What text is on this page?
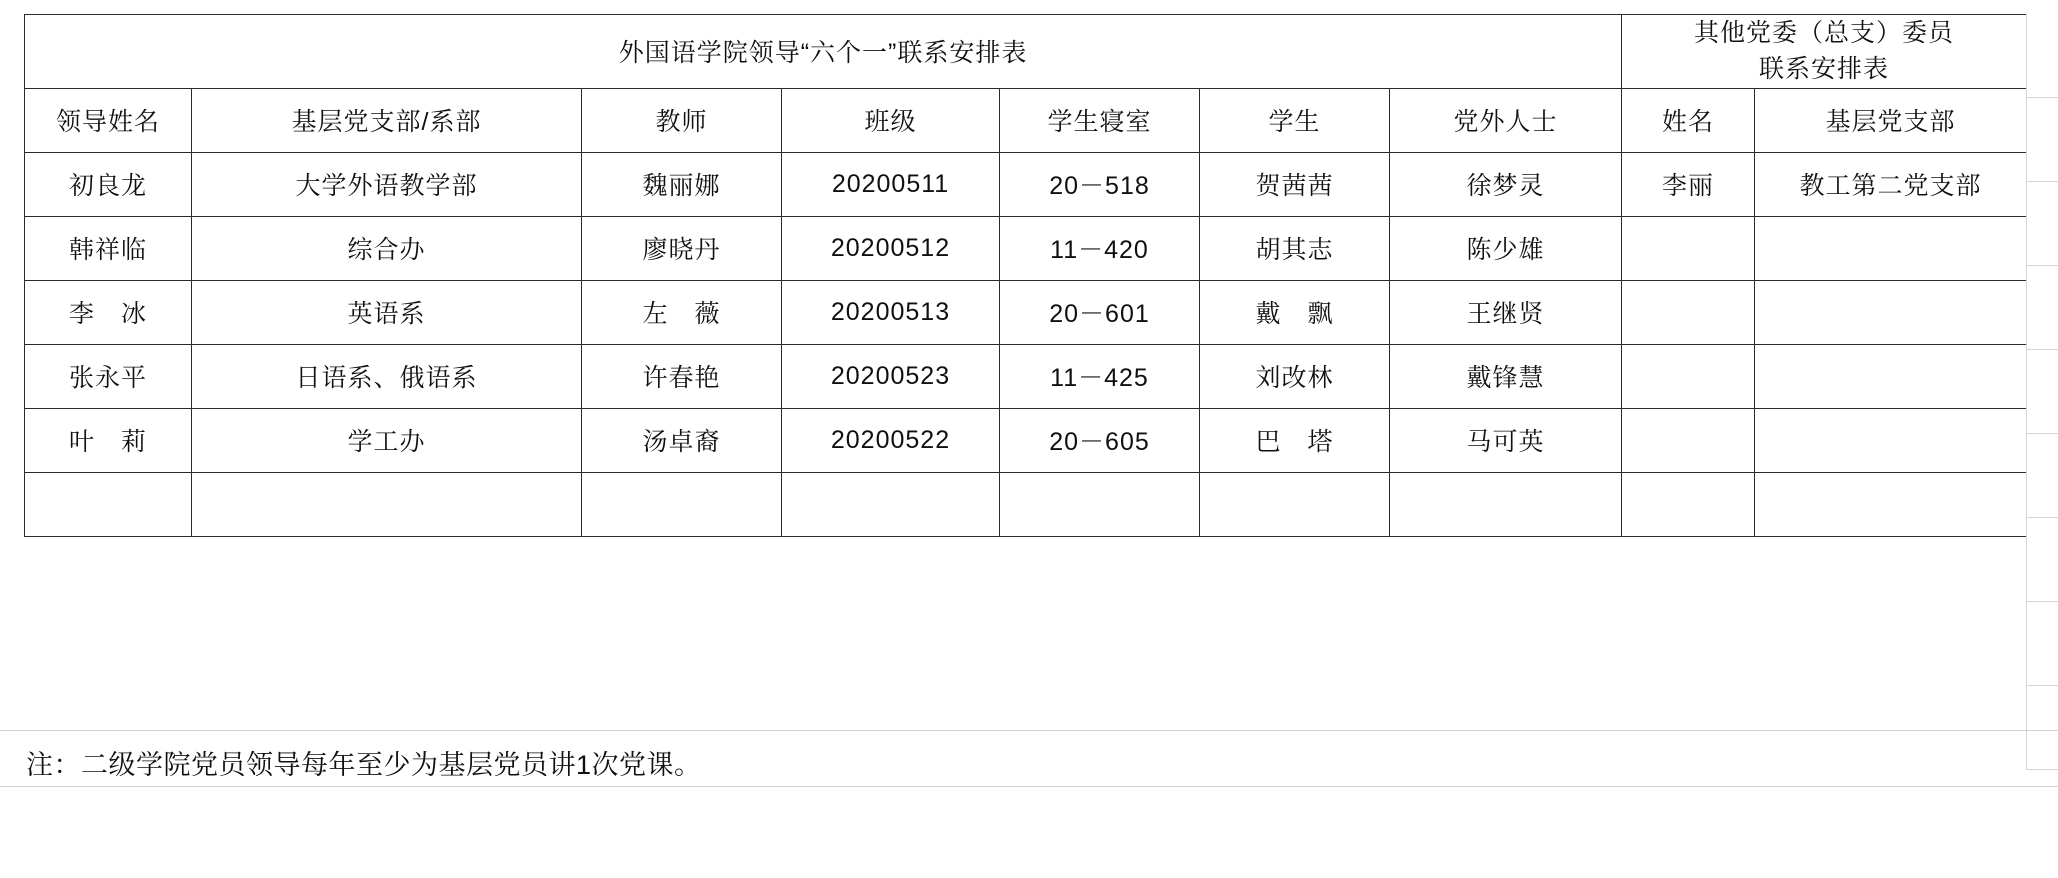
外国语学院领导“六个一”联系安排表							其他党委（总支）委员
联系安排表	

领导姓名	基层党支部/系部	教师	班级	学生寝室	学生	党外人士	姓名	基层党支部
初良龙	大学外语教学部	魏丽娜	20200511	20－518	贺茜茜	徐梦灵	李丽	教工第二党支部
韩祥临	综合办	廖晓丹	20200512	11－420	胡其志	陈少雄		
李　冰	英语系	左　薇	20200513	20－601	戴　飘	王继贤		
张永平	日语系、俄语系	许春艳	20200523	11－425	刘改林	戴锋慧		
叶　莉	学工办	汤卓裔	20200522	20－605	巴　塔	马可英		

注：二级学院党员领导每年至少为基层党员讲1次党课。
